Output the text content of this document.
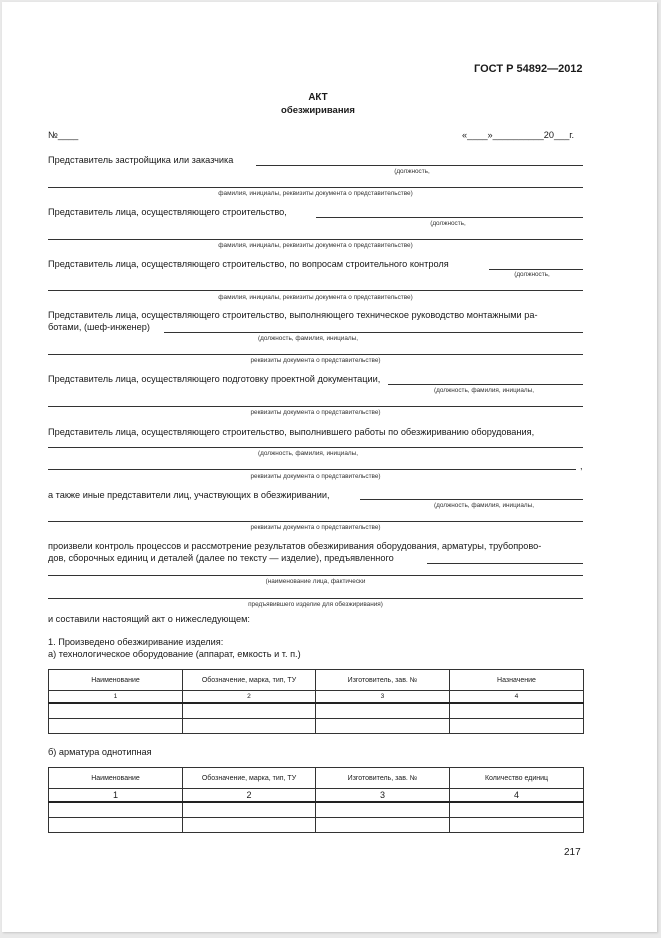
ГОСТ Р 54892—2012
АКТ
обезжиривания
№____	«____»__________20___г.
Представитель застройщика или заказчика
(должность,
фамилия, инициалы, реквизиты документа о представительстве)
Представитель лица, осуществляющего строительство,
(должность,
фамилия, инициалы, реквизиты документа о представительстве)
Представитель лица, осуществляющего строительство, по вопросам строительного контроля
(должность,
фамилия, инициалы, реквизиты документа о представительстве)
Представитель лица, осуществляющего строительство, выполняющего техническое руководство монтажными ра-
ботами, (шеф-инженер)
(должность, фамилия, инициалы,
реквизиты документа о представительстве)
Представитель лица, осуществляющего подготовку проектной документации,
(должность, фамилия, инициалы,
реквизиты документа о представительстве)
Представитель лица, осуществляющего строительство, выполнившего работы по обезжириванию оборудования,
(должность, фамилия, инициалы,
,
реквизиты документа о представительстве)
а также иные представители лиц, участвующих в обезжиривании,
(должность, фамилия, инициалы,
реквизиты документа о представительстве)
произвели контроль процессов и рассмотрение результатов обезжиривания оборудования, арматуры, трубопрово-
дов, сборочных единиц и деталей (далее по тексту — изделие), предъявленного
(наименование лица, фактически
предъявившего изделие для обезжиривания)
и составили настоящий акт о нижеследующем:
1. Произведено обезжиривание изделия:
а) технологическое оборудование (аппарат, емкость и т. п.)
Наименование	Обозначение, марка, тип, ТУ	Изготовитель, зав. №	Назначение
1	2	3	4

б) арматура однотипная
Наименование	Обозначение, марка, тип, ТУ	Изготовитель, зав. №	Количество единиц
1	2	3	4

217
